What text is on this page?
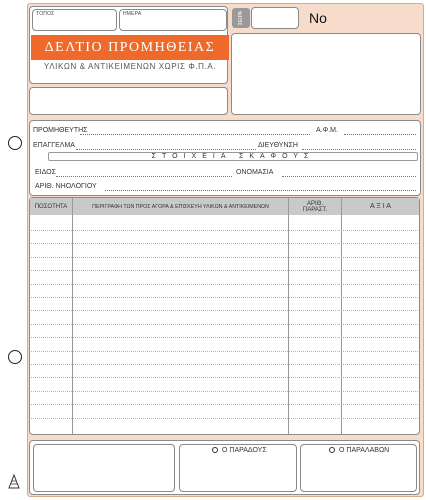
ΤΟΠΟΣ	ΗΜΕΡΑ
ΔΕΛΤΙΟ ΠΡΟΜΗΘΕΙΑΣ
ΥΛΙΚΩΝ & ΑΝΤΙΚΕΙΜΕΝΩΝ ΧΩΡΙΣ Φ.Π.Α.
ΣΕΙΡΑ	Νο
ΠΡΟΜΗΘΕΥΤΗΣ	Α.Φ.Μ.
ΕΠΑΓΓΕΛΜΑ	ΔΙΕΥΘΥΝΣΗ
ΣΤΟΙΧΕΙΑ ΣΚΑΦΟΥΣ
ΕΙΔΟΣ	ΟΝΟΜΑΣΙΑ
ΑΡΙΘ. ΝΗΟΛΟΓΙΟΥ
ΠΟΣΟΤΗΤΑ	ΠΕΡΙΓΡΑΦΗ ΤΩΝ ΠΡΟΣ ΑΓΟΡΑ & ΕΠΙΣΚΕΥΗ ΥΛΙΚΩΝ & ΑΝΤΙΚΕΙΜΕΝΩΝ	ΑΡΙΘ. ΠΑΡΑΣΤ.	Α Ξ Ι Α
Ο ΠΑΡΑΔΟΥΣ	Ο ΠΑΡΑΛΑΒΩΝ
